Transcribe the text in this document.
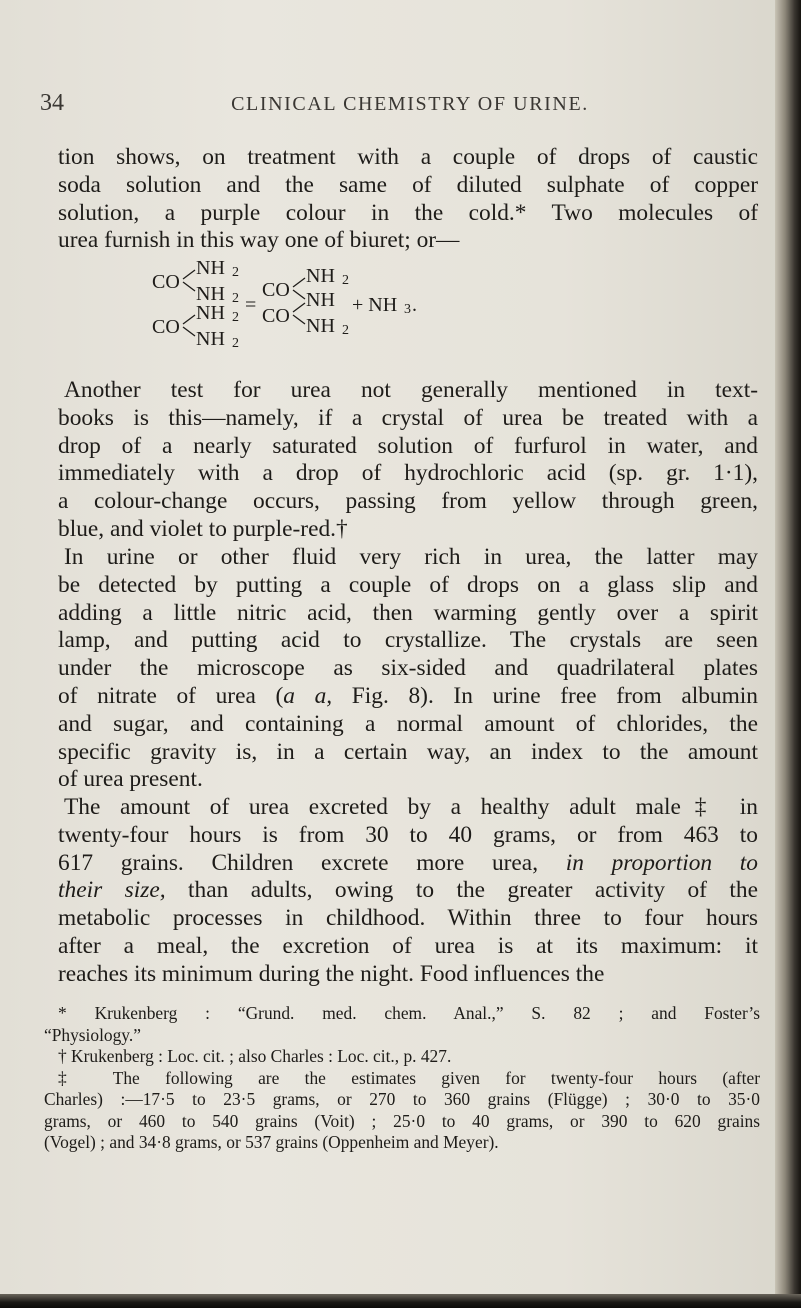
34	CLINICAL CHEMISTRY OF URINE.

tion shows, on treatment with a couple of drops of caustic

soda solution and the same of diluted sulphate of copper

solution, a purple colour in the cold.* Two molecules of

urea furnish in this way one of biuret; or—

CO
NH 2
NH 2
CO
NH 2
NH 2
=
CO
NH 2
NH
CO NH 2
+ NH 3 .

Another test for urea not generally mentioned in text-

books is this—namely, if a crystal of urea be treated with a

drop of a nearly saturated solution of furfurol in water, and

immediately with a drop of hydrochloric acid (sp. gr. 1·1),

a colour-change occurs, passing from yellow through green,

blue, and violet to purple-red.†

In urine or other fluid very rich in urea, the latter may

be detected by putting a couple of drops on a glass slip and

adding a little nitric acid, then warming gently over a spirit

lamp, and putting acid to crystallize. The crystals are seen

under the microscope as six-sided and quadrilateral plates

of nitrate of urea (a a, Fig. 8). In urine free from albumin

and sugar, and containing a normal amount of chlorides, the

specific gravity is, in a certain way, an index to the amount

of urea present.

The amount of urea excreted by a healthy adult male‡ in

twenty-four hours is from 30 to 40 grams, or from 463 to

617 grains. Children excrete more urea, in proportion to

their size, than adults, owing to the greater activity of the

metabolic processes in childhood. Within three to four hours

after a meal, the excretion of urea is at its maximum: it

reaches its minimum during the night. Food influences the

* Krukenberg : “Grund. med. chem. Anal.,” S. 82 ; and Foster’s

“Physiology.”

† Krukenberg : Loc. cit. ; also Charles : Loc. cit., p. 427.

‡ The following are the estimates given for twenty-four hours (after

Charles) :—17·5 to 23·5 grams, or 270 to 360 grains (Flügge) ; 30·0 to 35·0

grams, or 460 to 540 grains (Voit) ; 25·0 to 40 grams, or 390 to 620 grains

(Vogel) ; and 34·8 grams, or 537 grains (Oppenheim and Meyer).
